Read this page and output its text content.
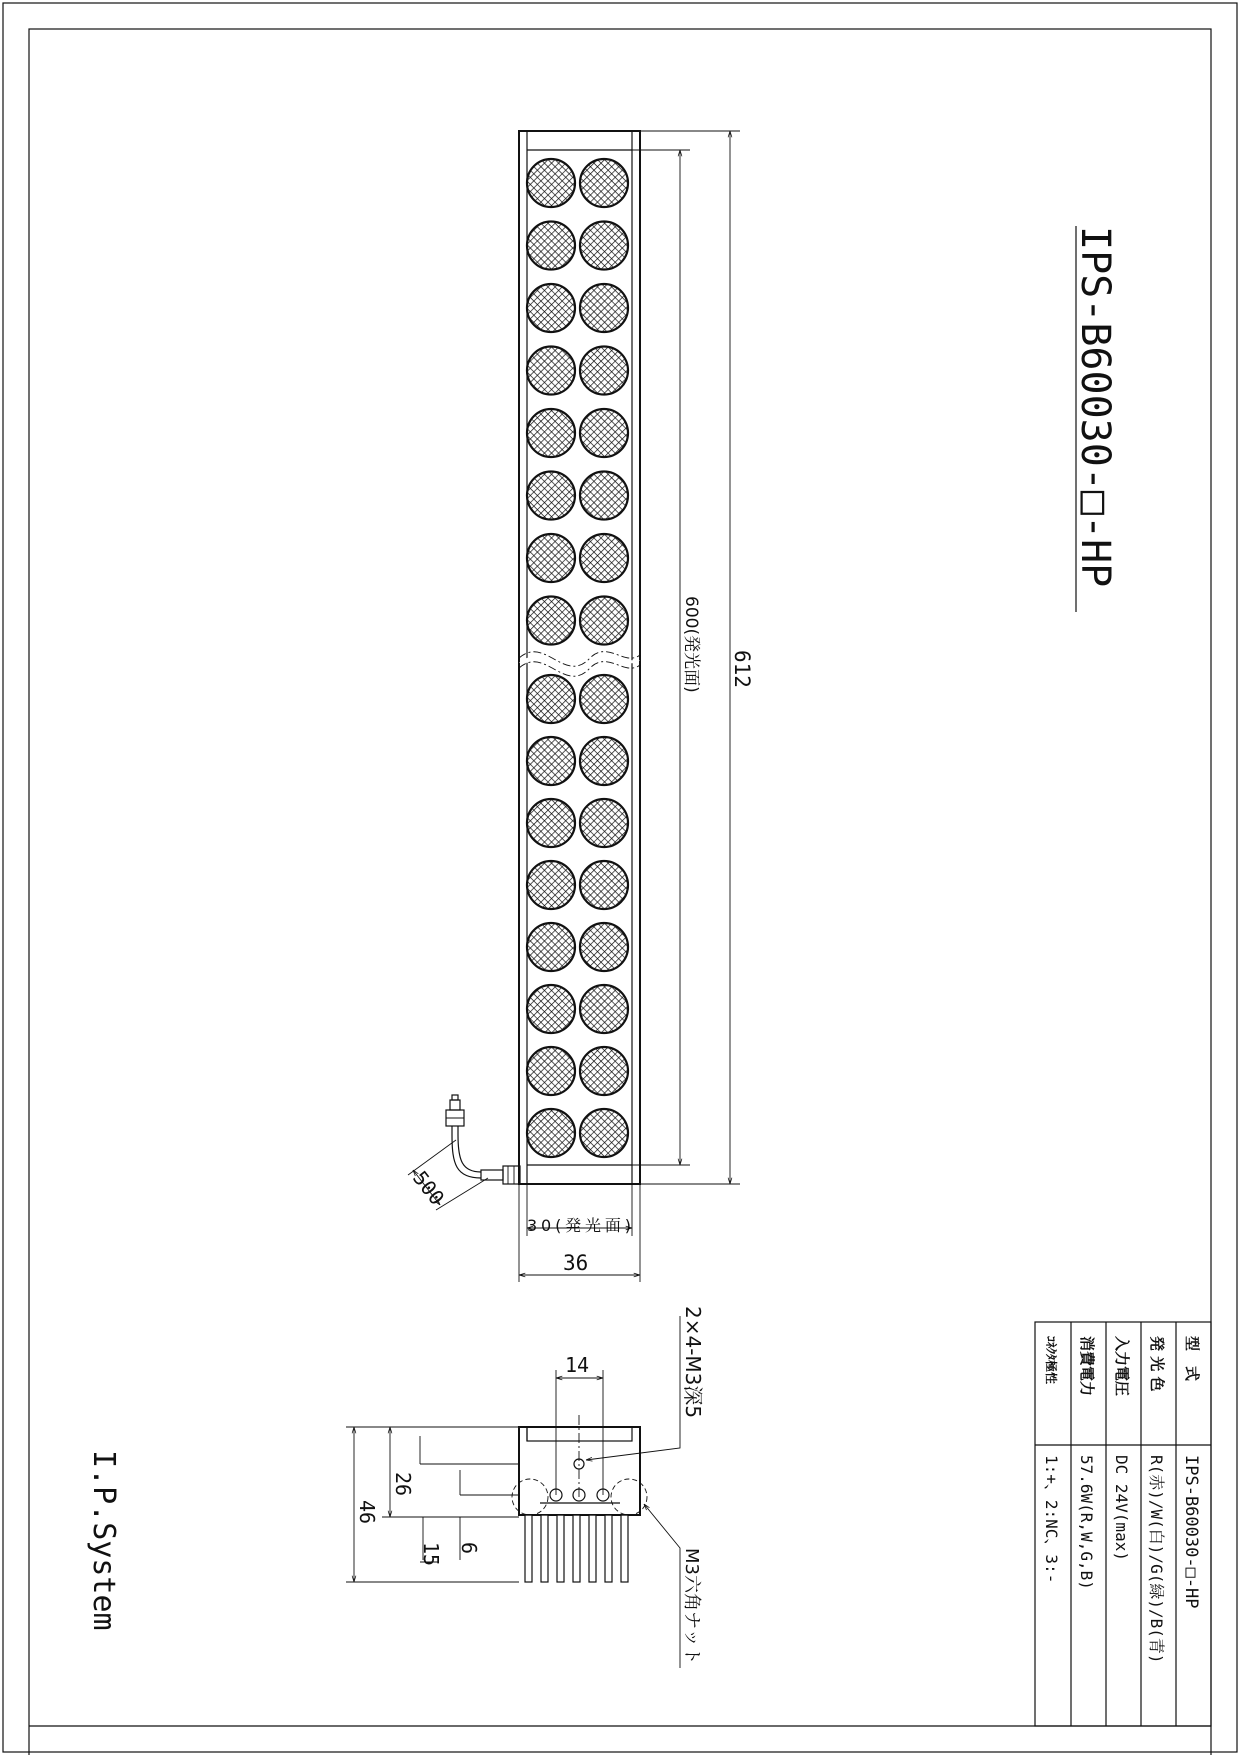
500
612
600(発光面)
30(発光面)
36
IPS-B60030-□-HP
14
46
26
15 6
2×4-M3深5
M3六角ナット
I.P.System
型　式
IPS-B60030-□-HP
発 光 色
R(赤)/W(白)/G(緑)/B(青)
入力電圧
DC 24V(max)
消費電力
57.6W(R,W,G,B)
ｺﾈｸﾀ極性
1:+、2:NC、3:-
